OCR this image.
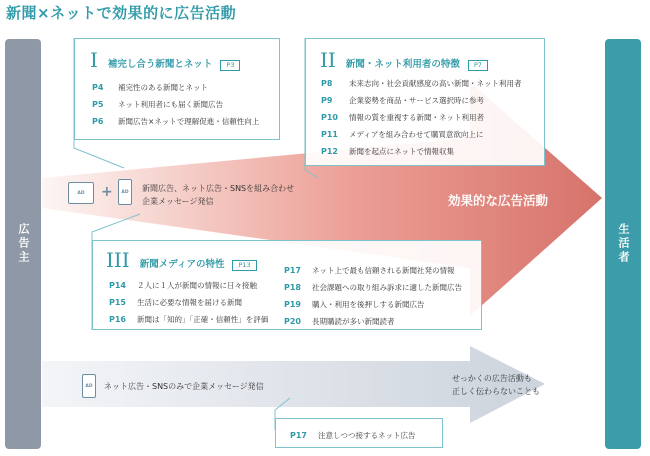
新聞×ネットで効果的に広告活動
広告主	生活者
I 補完し合う新聞とネット	P3
P4 補完性のある新聞とネット
P5 ネット利用者にも届く新聞広告
P6 新聞広告×ネットで理解促進・信頼性向上
II 新聞・ネット利用者の特徴	P7
P8 未来志向・社会貢献感度の高い新聞・ネット利用者
P9 企業姿勢を商品・サービス選択時に参考
P10 情報の質を重視する新聞・ネット利用者
P11 メディアを組み合わせて購買意欲向上に
P12 新聞を起点にネットで情報収集
AD + AD 新聞広告、ネット広告・SNSを組み合わせ
企業メッセージ発信	効果的な広告活動
III 新聞メディアの特性	P13
P14 ２人に１人が新聞の情報に日々接触
P15 生活に必要な情報を届ける新聞
P16 新聞は「知的」「正確・信頼性」を評価
P17 ネット上で最も信頼される新聞社発の情報
P18 社会課題への取り組み訴求に適した新聞広告
P19 購入・利用を後押しする新聞広告
P20 長期購読が多い新聞読者
AD ネット広告・SNSのみで企業メッセージ発信
せっかくの広告活動も
正しく伝わらないことも
P17 注意しつつ接するネット広告
